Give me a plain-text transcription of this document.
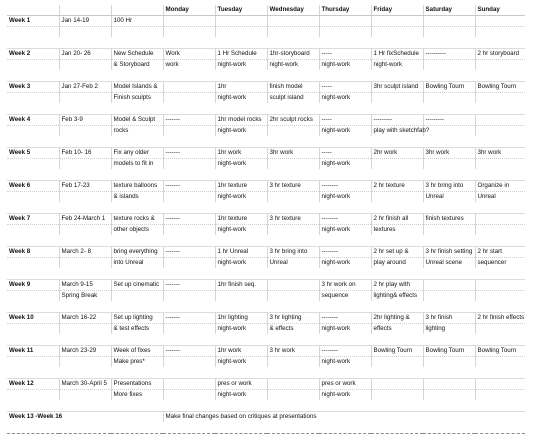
			Monday	Tuesday	Wednesday	Thursday	Friday	Saturday	Sunday
Week 1	Jan 14-19	100 Hr							

Week 2	Jan 20- 26	New Schedule	Work	1 Hr Schedule	1hr-storyboard	-----	1 Hr fixSchedule	----------	2 hr storyboard
		& Storyboard	work	night-work	night-work	night-work	night-work		

Week 3	Jan 27-Feb 2	Model Islands &		1hr	finish model	-----	3hr sculpt island	Bowling Tourn	Bowling Tourn
		Finish sculpts		night-work	sculpt island	night-work			

Week 4	Feb 3-9	Model & Sculpt	-------	1hr model rocks	2hr sculpt rocks	-----	---------	---------	
		rocks		night-work		night-work	play with sketchfab?		

Week 5	Feb 10- 16	Fix any older	-------	1hr work	3hr work	-----	2hr work	3hr work	3hr work
		models to fit in		night-work		night-work			

Week 6	Feb 17-23	texture balloons	-------	1hr texture	3 hr texture	--------	2 hr texture	3 hr bring into	Organize in
		& islands		night-work		night-work		Unreal	Unreal

Week 7	Feb 24-March 1	texture rocks &	-------	1hr texture	3 hr texture	--------	2 hr finish all	finish textures	
		other objects		night-work		night-work	textures		

Week 8	March 2- 8	bring everything	-------	1 hr Unreal	3 hr bring into	--------	2 hr set up &	3 hr finish setting	2 hr start
		into Unreal		night-work	Unreal	night-work	play around	Unreal scene	sequencer

Week 9	March 9-15	Set up cinematic	-------	1hr finish seq.		3 hr work on	2 hr play with		
	Spring Break					sequence	lighting& effects		

Week 10	March 16-22	Set up lighting	-------	1hr lighting	3 hr lighting	--------	2hr lighting &	3 hr finish	2 hr finish effects
		& test effects		night-work	& effects	night-work	effects	lighting	

Week 11	March 23-29	Week of fixes	-------	1hr work	3 hr work	--------	Bowling Tourn	Bowling Tourn	Bowling Tourn
		Make pres*		night-work		night-work			

Week 12	March 30-April 5	Presentations		pres or work		pres or work			
		More fixes		night-work		night-work			

Week 13 -Week 16			Make final changes based on critiques at presentations						
